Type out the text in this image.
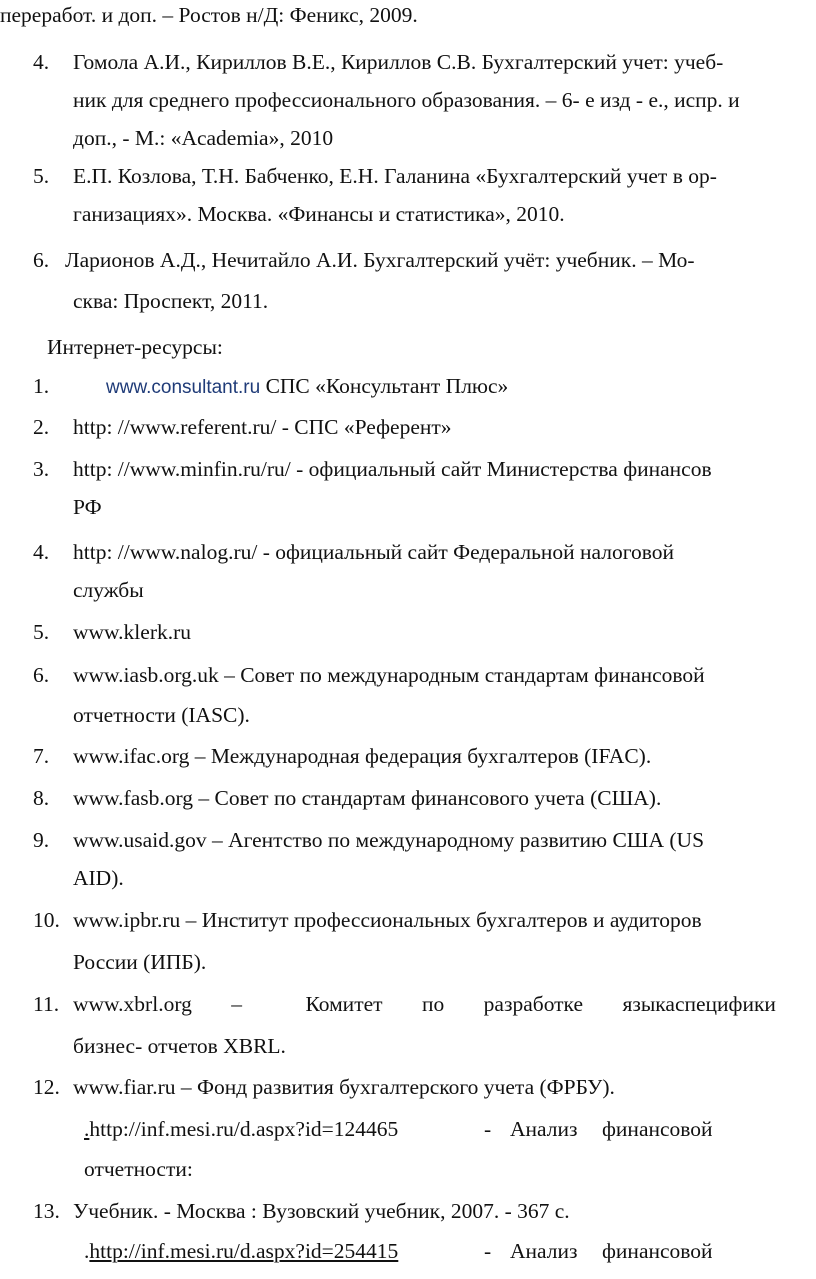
переработ. и доп. – Ростов н/Д: Феникс, 2009.
4. Гомола А.И., Кириллов В.Е., Кириллов С.В. Бухгалтерский учет: учеб-
ник для среднего профессионального образования. – 6- е изд - е., испр. и
доп., - М.: «Academia», 2010
5. Е.П. Козлова, Т.Н. Бабченко, Е.Н. Галанина «Бухгалтерский учет в ор-
ганизациях». Москва. «Финансы и статистика», 2010.
6. Ларионов А.Д., Нечитайло А.И. Бухгалтерский учёт: учебник. – Мо-
сква: Проспект, 2011.
Интернет-ресурсы:
1.	www.consultant.ru СПС «Консультант Плюс»
2. http: //www.referent.ru/ - СПС «Референт»
3. http: //www.minfin.ru/ru/ - официальный сайт Министерства финансов
РФ
4. http: //www.nalog.ru/ - официальный сайт Федеральной налоговой
службы
5. www.klerk.ru
6. www.iasb.org.uk – Совет по международным стандартам финансовой
отчетности (IASC).
7. www.ifac.org – Международная федерация бухгалтеров (IFAC).
8. www.fasb.org – Совет по стандартам финансового учета (США).
9. www.usaid.gov – Агентство по международному развитию США (US
AID).
10. www.ipbr.ru – Институт профессиональных бухгалтеров и аудиторов
России (ИПБ).
11. www.xbrl.org –	Комитет по разработке языкаспецифики
бизнес- отчетов XBRL.
12. www.fiar.ru – Фонд развития бухгалтерского учета (ФРБУ).
.http://inf.mesi.ru/d.aspx?id=124465	- Анализ финансовой
отчетности:
13. Учебник. - Москва : Вузовский учебник, 2007. - 367 с.
.http://inf.mesi.ru/d.aspx?id=254415	- Анализ финансовой
